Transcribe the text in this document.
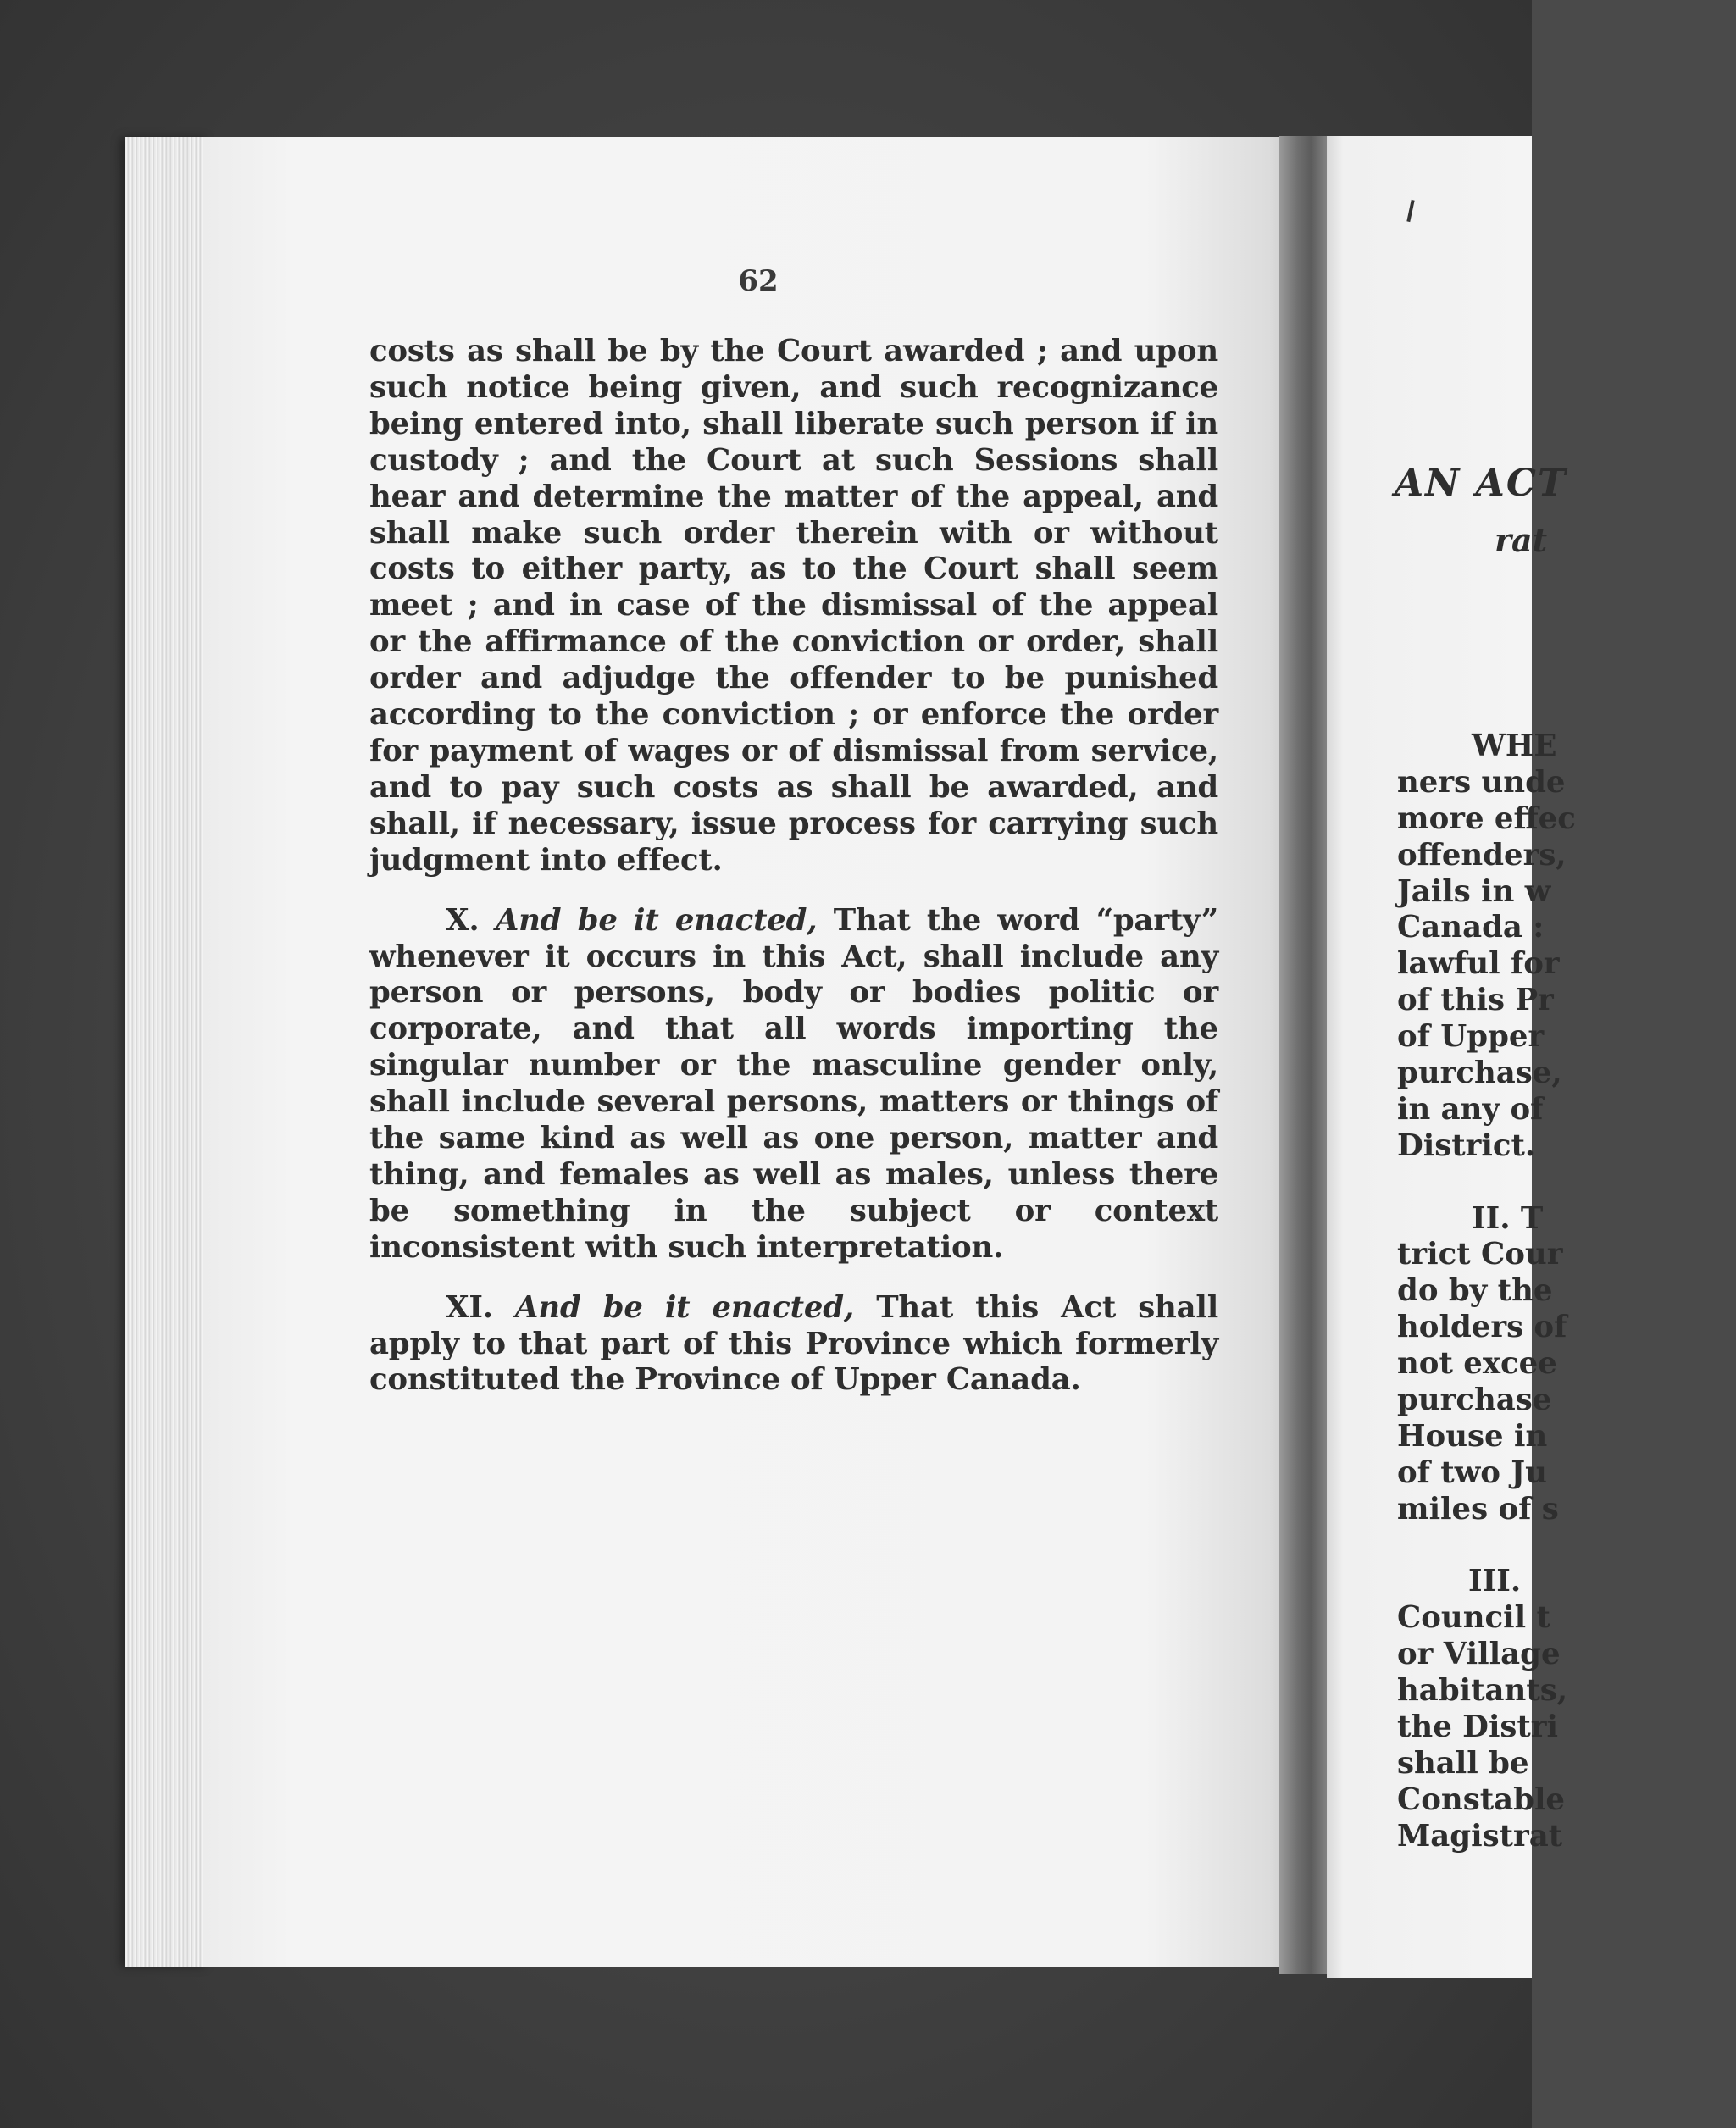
62

costs as shall be by the Court awarded ; and upon such notice being given, and such recognizance being entered into, shall liberate such person if in custody ; and the Court at such Sessions shall hear and determine the matter of the appeal, and shall make such order therein with or without costs to either party, as to the Court shall seem meet ; and in case of the dismissal of the appeal or the affirmance of the conviction or order, shall order and adjudge the offender to be punished according to the conviction ; or enforce the order for payment of wages or of dismissal from service, and to pay such costs as shall be awarded, and shall, if necessary, issue process for carrying such judgment into effect.

X. And be it enacted, That the word “party” whenever it occurs in this Act, shall include any person or persons, body or bodies politic or corporate, and that all words importing the singular number or the masculine gender only, shall include several persons, matters or things of the same kind as well as one person, matter and thing, and females as well as males, unless there be something in the subject or context inconsistent with such interpretation.

XI. And be it enacted, That this Act shall apply to that part of this Province which formerly constituted the Province of Upper Canada.

AN ACT
rat
WHE
ners unde
more effec
offenders,
Jails in w
Canada :
lawful for
of this Pr
of Upper
purchase,
in any of
District.
II. T
trict Cour
do by the
holders of
not excee
purchase
House in
of two Ju
miles of s
III.
Council t
or Village
habitants,
the Distri
shall be
Constable
Magistrat
